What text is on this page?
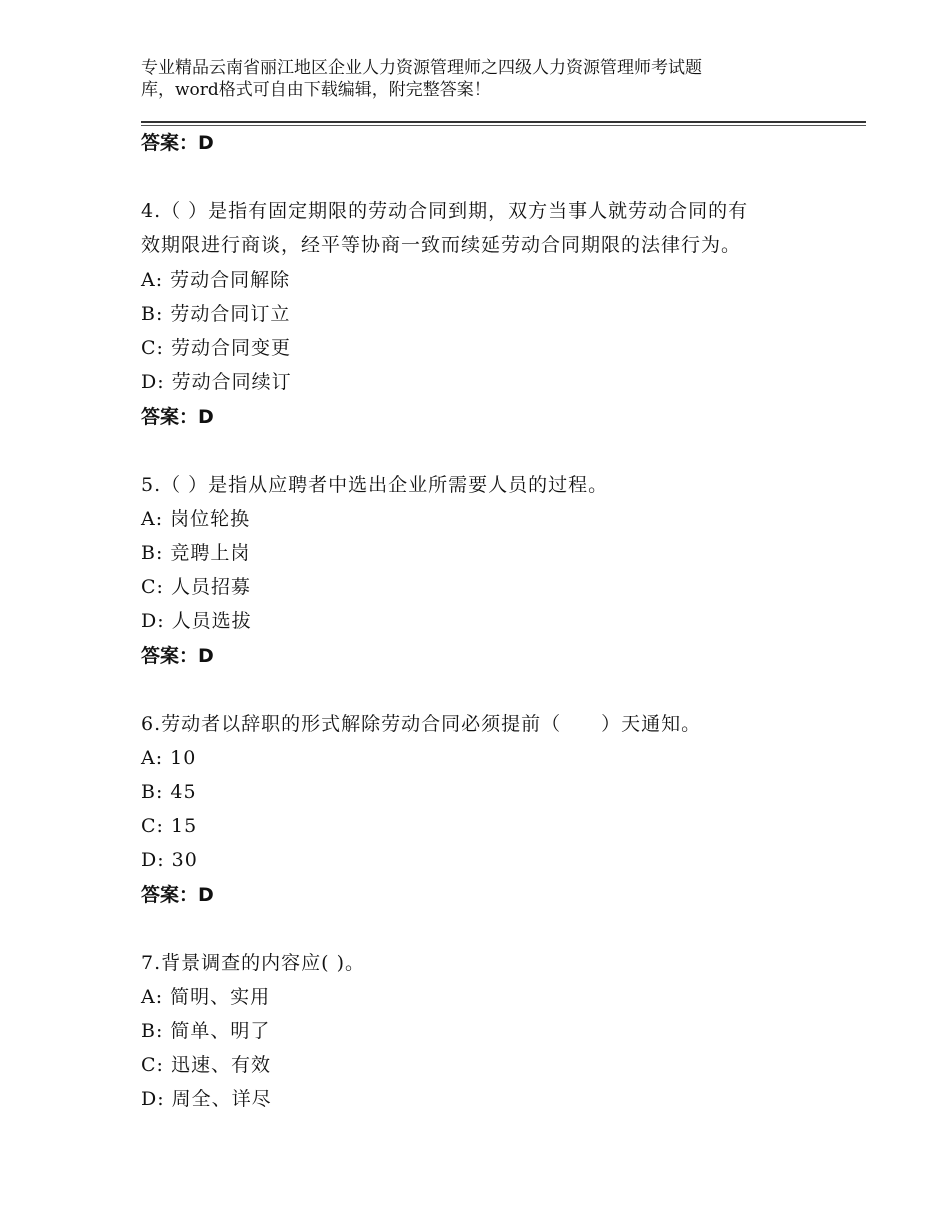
专业精品云南省丽江地区企业人力资源管理师之四级人力资源管理师考试题
库，word格式可自由下载编辑，附完整答案！
答案：D
4.（ ）是指有固定期限的劳动合同到期，双方当事人就劳动合同的有
效期限进行商谈，经平等协商一致而续延劳动合同期限的法律行为。
A: 劳动合同解除
B: 劳动合同订立
C: 劳动合同变更
D: 劳动合同续订
答案：D
5.（ ）是指从应聘者中选出企业所需要人员的过程。
A: 岗位轮换
B: 竞聘上岗
C: 人员招募
D: 人员选拔
答案：D
6.劳动者以辞职的形式解除劳动合同必须提前（　　）天通知。
A: 10
B: 45
C: 15
D: 30
答案：D
7.背景调查的内容应( )。
A: 简明、实用
B: 简单、明了
C: 迅速、有效
D: 周全、详尽
